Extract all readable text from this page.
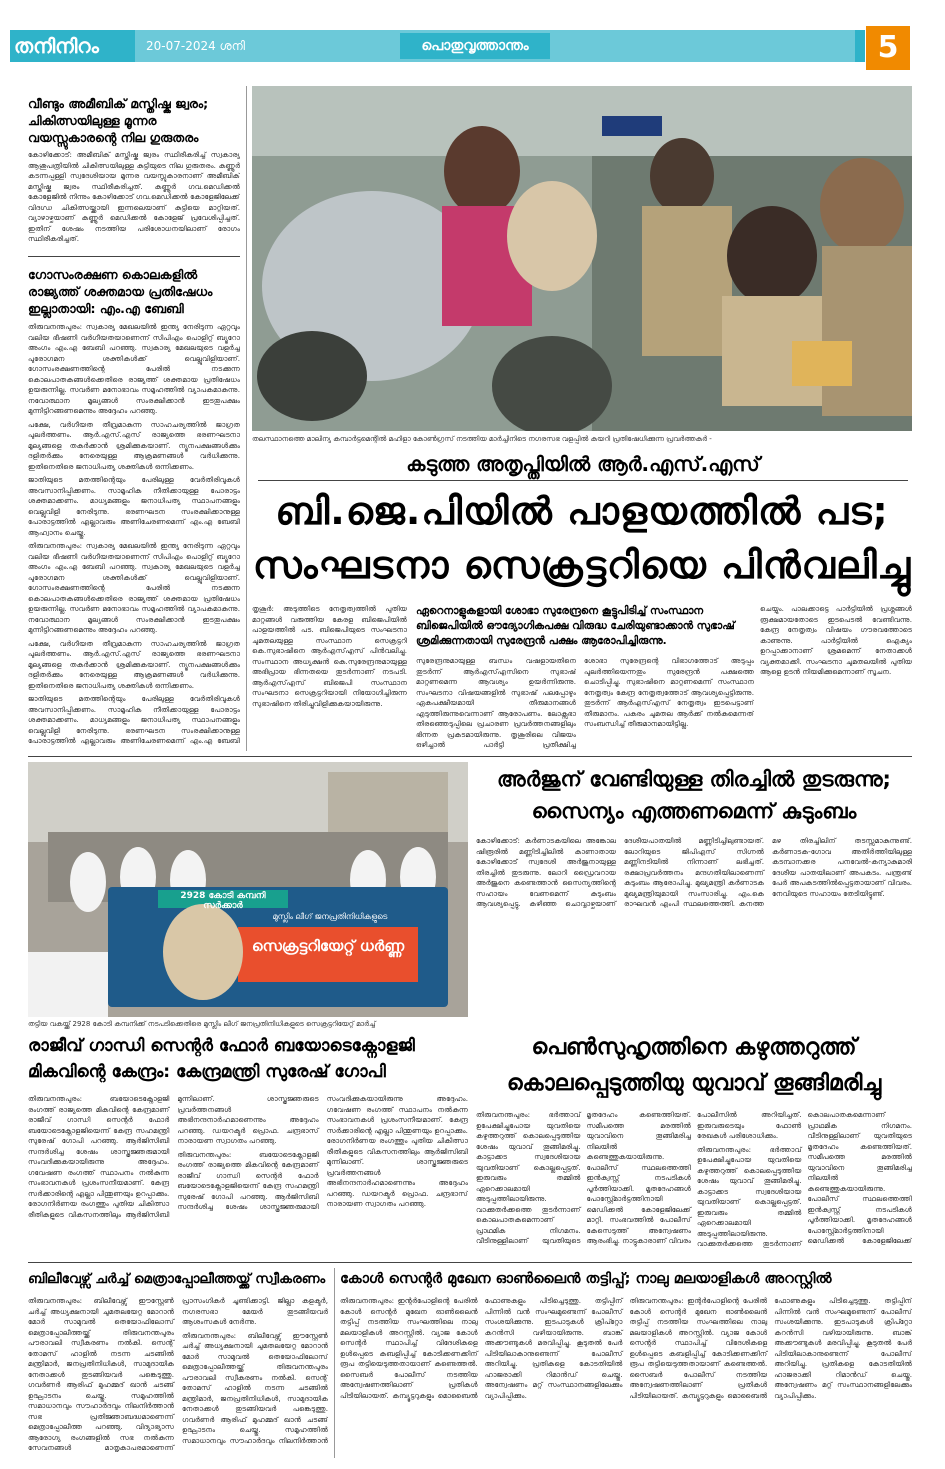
തനിനിറം	20-07-2024 ശനി	പൊതുവൃത്താന്തം	5
വീണ്ടും അമീബിക് മസ്തിഷ്ക ജ്വരം; ചികിത്സയിലുള്ള മൂന്നര വയസ്സുകാരന്റെ നില ഗുരുതരം

കോഴിക്കോട്: അമീബിക് മസ്തിഷ്ക ജ്വരം സ്ഥിരീകരിച്ച് സ്വകാര്യ ആശുപത്രിയിൽ ചികിത്സയിലുള്ള കുട്ടിയുടെ നില ഗുരുതരം. കണ്ണൂർ കടന്നപ്പള്ളി സ്വദേശിയായ മൂന്നര വയസ്സുകാരനാണ് അമീബിക് മസ്തിഷ്ക ജ്വരം സ്ഥിരീകരിച്ചത്. കണ്ണൂർ ഗവ.മെഡിക്കൽ കോളേജിൽ നിന്നും കോഴിക്കോട് ഗവ.മെഡിക്കൽ കോളേജിലേക്ക് വിദഗ്ധ ചികിത്സയ്ക്കായി ഇന്നലെയാണ് കുട്ടിയെ മാറ്റിയത്. വ്യാഴാഴ്ചയാണ് കണ്ണൂർ മെഡിക്കൽ കോളേജ് പ്രവേശിപ്പിച്ചത്. ഇതിന് ശേഷം നടത്തിയ പരിശോധനയിലാണ് രോഗം സ്ഥിരീകരിച്ചത്.

ഗോസംരക്ഷണ കൊലകളിൽ രാജ്യത്ത് ശക്തമായ പ്രതിഷേധം ഇല്ലാതായി: എം.എ ബേബി

തിരുവനന്തപുരം: സ്വകാര്യ മേഖലയിൽ ഇന്ത്യ നേരിടുന്ന ഏറ്റവും വലിയ ഭീഷണി വർഗീയതയാണെന്ന് സിപിഎം പൊളിറ്റ് ബ്യൂറോ അംഗം എം.എ ബേബി പറഞ്ഞു. സ്വകാര്യ മേഖലയുടെ വളർച്ച പുരോഗമന ശക്തികൾക്ക് വെല്ലുവിളിയാണ്. ഗോസംരക്ഷണത്തിന്റെ പേരിൽ നടക്കുന്ന കൊലപാതകങ്ങൾക്കെതിരെ രാജ്യത്ത് ശക്തമായ പ്രതിഷേധം ഉയരുന്നില്ല. സവർണ മനോഭാവം സമൂഹത്തിൽ വ്യാപകമാകുന്നു. നവോത്ഥാന മൂല്യങ്ങൾ സംരക്ഷിക്കാൻ ഇടതുപക്ഷം മുന്നിട്ടിറങ്ങണമെന്നും അദ്ദേഹം പറഞ്ഞു.

പക്ഷേ, വർഗീയത തീവ്രമാകുന്ന സാഹചര്യത്തിൽ ജാഗ്രത പുലർത്തണം. ആർ.എസ്.എസ് രാജ്യത്തെ ഭരണഘടനാ മൂല്യങ്ങളെ തകർക്കാൻ ശ്രമിക്കുകയാണ്. ന്യൂനപക്ഷങ്ങൾക്കും ദളിതർക്കും നേരെയുള്ള ആക്രമണങ്ങൾ വർധിക്കുന്നു. ഇതിനെതിരെ ജനാധിപത്യ ശക്തികൾ ഒന്നിക്കണം.

ജാതിയുടെ മതത്തിന്റെയും പേരിലുള്ള വേർതിരിവുകൾ അവസാനിപ്പിക്കണം. സാമൂഹിക നീതിക്കായുള്ള പോരാട്ടം ശക്തമാക്കണം. മാധ്യമങ്ങളും ജനാധിപത്യ സ്ഥാപനങ്ങളും വെല്ലുവിളി നേരിടുന്നു. ഭരണഘടന സംരക്ഷിക്കാനുള്ള പോരാട്ടത്തിൽ എല്ലാവരും അണിചേരണമെന്ന് എം.എ ബേബി ആഹ്വാനം ചെയ്തു.

തിരുവനന്തപുരം: സ്വകാര്യ മേഖലയിൽ ഇന്ത്യ നേരിടുന്ന ഏറ്റവും വലിയ ഭീഷണി വർഗീയതയാണെന്ന് സിപിഎം പൊളിറ്റ് ബ്യൂറോ അംഗം എം.എ ബേബി പറഞ്ഞു. സ്വകാര്യ മേഖലയുടെ വളർച്ച പുരോഗമന ശക്തികൾക്ക് വെല്ലുവിളിയാണ്. ഗോസംരക്ഷണത്തിന്റെ പേരിൽ നടക്കുന്ന കൊലപാതകങ്ങൾക്കെതിരെ രാജ്യത്ത് ശക്തമായ പ്രതിഷേധം ഉയരുന്നില്ല. സവർണ മനോഭാവം സമൂഹത്തിൽ വ്യാപകമാകുന്നു. നവോത്ഥാന മൂല്യങ്ങൾ സംരക്ഷിക്കാൻ ഇടതുപക്ഷം മുന്നിട്ടിറങ്ങണമെന്നും അദ്ദേഹം പറഞ്ഞു.

പക്ഷേ, വർഗീയത തീവ്രമാകുന്ന സാഹചര്യത്തിൽ ജാഗ്രത പുലർത്തണം. ആർ.എസ്.എസ് രാജ്യത്തെ ഭരണഘടനാ മൂല്യങ്ങളെ തകർക്കാൻ ശ്രമിക്കുകയാണ്. ന്യൂനപക്ഷങ്ങൾക്കും ദളിതർക്കും നേരെയുള്ള ആക്രമണങ്ങൾ വർധിക്കുന്നു. ഇതിനെതിരെ ജനാധിപത്യ ശക്തികൾ ഒന്നിക്കണം.

ജാതിയുടെ മതത്തിന്റെയും പേരിലുള്ള വേർതിരിവുകൾ അവസാനിപ്പിക്കണം. സാമൂഹിക നീതിക്കായുള്ള പോരാട്ടം ശക്തമാക്കണം. മാധ്യമങ്ങളും ജനാധിപത്യ സ്ഥാപനങ്ങളും വെല്ലുവിളി നേരിടുന്നു. ഭരണഘടന സംരക്ഷിക്കാനുള്ള പോരാട്ടത്തിൽ എല്ലാവരും അണിചേരണമെന്ന് എം.എ ബേബി

തലസ്ഥാനത്തെ മാലിന്യ കമ്പാർട്ടമെന്റിൽ മഹിളാ കോൺഗ്രസ് നടത്തിയ മാർച്ചിനിടെ നഗരസഭ വളപ്പിൽ കയറി പ്രതിഷേധിക്കുന്ന പ്രവർത്തകർ -
കടുത്ത അതൃപ്തിയിൽ ആർ.എസ്.എസ്
ബി.ജെ.പിയിൽ പാളയത്തിൽ പട;
സംഘടനാ സെക്രട്ടറിയെ പിൻവലിച്ചു

തൃശൂർ: അടുത്തിടെ നേതൃത്വത്തിൽ പുതിയ മാറ്റങ്ങൾ വരുത്തിയ കേരള ബിജെപിയിൽ പാളയത്തിൽ പട. ബിജെപിയുടെ സംഘടനാ ചുമതലയുള്ള സംസ്ഥാന സെക്രട്ടറി കെ.സുഭാഷിനെ ആർഎസ്എസ് പിൻവലിച്ചു. സംസ്ഥാന അധ്യക്ഷൻ കെ.സുരേന്ദ്രനുമായുള്ള അഭിപ്രായ ഭിന്നതയെ തുടർന്നാണ് നടപടി. ആർഎസ്എസ് ബിജെപി സംസ്ഥാന സംഘടനാ സെക്രട്ടറിയായി നിയോഗിച്ചിരുന്ന സുഭാഷിനെ തിരിച്ചുവിളിക്കുകയായിരുന്നു.

ഏറെനാളുകളായി ശോഭാ സുരേന്ദ്രനെ കൂട്ടുപിടിച്ച് സംസ്ഥാന ബിജെപിയിൽ ഔദ്യോഗികപക്ഷ വിരുദ്ധ ചേരിയുണ്ടാക്കാൻ സുഭാഷ് ശ്രമിക്കുന്നതായി സുരേന്ദ്രൻ പക്ഷം ആരോപിച്ചിരുന്നു.

സുരേന്ദ്രനുമായുള്ള ബന്ധം വഷളായതിനെ തുടർന്ന് ആർഎസ്എസിനെ സുഭാഷ് മാറ്റണമെന്ന ആവശ്യം ഉയർന്നിരുന്നു. സംഘടനാ വിഷയങ്ങളിൽ സുഭാഷ് പലപ്പോഴും ഏകപക്ഷീയമായി തീരുമാനങ്ങൾ എടുത്തിരുന്നുവെന്നാണ് ആരോപണം. ലോക്സഭാ തിരഞ്ഞെടുപ്പിലെ പ്രചാരണ പ്രവർത്തനങ്ങളിലും ഭിന്നത പ്രകടമായിരുന്നു. തൃശൂരിലെ വിജയം ഒഴിച്ചാൽ പാർട്ടി പ്രതീക്ഷിച്ച

ശോഭാ സുരേന്ദ്രന്റെ വിഭാഗത്തോട് അടുപ്പം പുലർത്തിയെന്നതും സുരേന്ദ്രൻ പക്ഷത്തെ ചൊടിപ്പിച്ചു. സുഭാഷിനെ മാറ്റണമെന്ന് സംസ്ഥാന നേതൃത്വം കേന്ദ്ര നേതൃത്വത്തോട് ആവശ്യപ്പെട്ടിരുന്നു. തുടർന്ന് ആർഎസ്എസ് നേതൃത്വം ഇടപെട്ടാണ് തീരുമാനം. പകരം ചുമതല ആർക്ക് നൽകുമെന്നത് സംബന്ധിച്ച് തീരുമാനമായിട്ടില്ല.

ചെയ്യും. പാലക്കാട്ടെ പാർട്ടിയിൽ പ്രശ്നങ്ങൾ രൂക്ഷമായതോടെ ഇടപെടൽ വേണ്ടിവന്നു. കേന്ദ്ര നേതൃത്വം വിഷയം ഗൗരവത്തോടെ കാണുന്നു. പാർട്ടിയിൽ ഐക്യം ഉറപ്പാക്കാനാണ് ശ്രമമെന്ന് നേതാക്കൾ വ്യക്തമാക്കി. സംഘടനാ ചുമതലയിൽ പുതിയ ആളെ ഉടൻ നിയമിക്കുമെന്നാണ് സൂചന.

2928 കോടി കമ്പനി സർക്കാർ
മുസ്ലിം ലീഗ് ജനപ്രതിനിധികളുടെ
സെക്രട്ടറിയേറ്റ് ധർണ്ണ
തട്ടിയ വകയ്ക്ക് 2928 കോടി കമ്പനിക്ക് നടപടിക്കെതിരെ മുസ്ലിം ലീഗ് ജനപ്രതിനിധികളുടെ സെക്രട്ടറിയേറ്റ് മാർച്ച്
അർജുന് വേണ്ടിയുള്ള തിരച്ചിൽ തുടരുന്നു;
സൈന്യം എത്തണമെന്ന് കുടുംബം

കോഴിക്കോട്: കർണാടകയിലെ അങ്കോല ഷിരൂരിൽ മണ്ണിടിച്ചിലിൽ കാണാതായ കോഴിക്കോട് സ്വദേശി അർജുനായുള്ള തിരച്ചിൽ തുടരുന്നു. ലോറി ഡ്രൈവറായ അർജുനെ കണ്ടെത്താൻ സൈന്യത്തിന്റെ സഹായം വേണമെന്ന് കുടുംബം ആവശ്യപ്പെട്ടു. കഴിഞ്ഞ ചൊവ്വാഴ്ചയാണ് ദേശീയപാതയിൽ മണ്ണിടിച്ചിലുണ്ടായത്. ലോറിയുടെ ജിപിഎസ് സിഗ്നൽ മണ്ണിനടിയിൽ നിന്നാണ് ലഭിച്ചത്. രക്ഷാപ്രവർത്തനം മന്ദഗതിയിലാണെന്ന് കുടുംബം ആരോപിച്ചു. മുഖ്യമന്ത്രി കർണാടക മുഖ്യമന്ത്രിയുമായി സംസാരിച്ചു. എം.കെ രാഘവൻ എംപി സ്ഥലത്തെത്തി. കനത്ത മഴ തിരച്ചിലിന് തടസ്സമാകുന്നുണ്ട്. കർണാടക-ഗോവ അതിർത്തിയിലുള്ള കടമ്പാനക്കര പനവേൽ-കന്യാകുമാരി ദേശീയ പാതയിലാണ് അപകടം. പന്ത്രണ്ട് പേർ അപകടത്തിൽപ്പെട്ടതായാണ് വിവരം. നേവിയുടെ സഹായം തേടിയിട്ടുണ്ട്.

രാജീവ് ഗാന്ധി സെന്റർ ഫോർ ബയോടെക്നോളജി
മികവിന്റെ കേന്ദ്രം: കേന്ദ്രമന്ത്രി സുരേഷ് ഗോപി

തിരുവനന്തപുരം: ബയോടെക്നോളജി രംഗത്ത് രാജ്യത്തെ മികവിന്റെ കേന്ദ്രമാണ് രാജീവ് ഗാന്ധി സെന്റർ ഫോർ ബയോടെക്നോളജിയെന്ന് കേന്ദ്ര സഹമന്ത്രി സുരേഷ് ഗോപി പറഞ്ഞു. ആർജിസിബി സന്ദർശിച്ച ശേഷം ശാസ്ത്രജ്ഞരുമായി സംവദിക്കുകയായിരുന്നു അദ്ദേഹം. ഗവേഷണ രംഗത്ത് സ്ഥാപനം നൽകുന്ന സംഭാവനകൾ പ്രശംസനീയമാണ്. കേന്ദ്ര സർക്കാരിന്റെ എല്ലാ പിന്തുണയും ഉറപ്പാക്കും. രോഗനിർണയ രംഗത്തും പുതിയ ചികിത്സാ രീതികളുടെ വികസനത്തിലും ആർജിസിബി മുന്നിലാണ്. ശാസ്ത്രജ്ഞരുടെ പ്രവർത്തനങ്ങൾ അഭിനന്ദനാർഹമാണെന്നും അദ്ദേഹം പറഞ്ഞു. ഡയറക്ടർ പ്രൊഫ. ചന്ദ്രഭാസ് നാരായണ സ്വാഗതം പറഞ്ഞു.

തിരുവനന്തപുരം: ബയോടെക്നോളജി രംഗത്ത് രാജ്യത്തെ മികവിന്റെ കേന്ദ്രമാണ് രാജീവ് ഗാന്ധി സെന്റർ ഫോർ ബയോടെക്നോളജിയെന്ന് കേന്ദ്ര സഹമന്ത്രി സുരേഷ് ഗോപി പറഞ്ഞു. ആർജിസിബി സന്ദർശിച്ച ശേഷം ശാസ്ത്രജ്ഞരുമായി സംവദിക്കുകയായിരുന്നു അദ്ദേഹം. ഗവേഷണ രംഗത്ത് സ്ഥാപനം നൽകുന്ന സംഭാവനകൾ പ്രശംസനീയമാണ്. കേന്ദ്ര സർക്കാരിന്റെ എല്ലാ പിന്തുണയും ഉറപ്പാക്കും. രോഗനിർണയ രംഗത്തും പുതിയ ചികിത്സാ രീതികളുടെ വികസനത്തിലും ആർജിസിബി മുന്നിലാണ്. ശാസ്ത്രജ്ഞരുടെ പ്രവർത്തനങ്ങൾ അഭിനന്ദനാർഹമാണെന്നും അദ്ദേഹം പറഞ്ഞു. ഡയറക്ടർ പ്രൊഫ. ചന്ദ്രഭാസ് നാരായണ സ്വാഗതം പറഞ്ഞു.

പെൺസുഹൃത്തിനെ കഴുത്തറുത്ത്
കൊലപ്പെടുത്തിയു യുവാവ് തൂങ്ങിമരിച്ചു

തിരുവനന്തപുരം: ഭർത്താവ് ഉപേക്ഷിച്ചുപോയ യുവതിയെ കഴുത്തറുത്ത് കൊലപ്പെടുത്തിയ ശേഷം യുവാവ് തൂങ്ങിമരിച്ചു. കാട്ടാക്കട സ്വദേശിയായ യുവതിയാണ് കൊല്ലപ്പെട്ടത്. ഇരുവരും തമ്മിൽ ഏറെക്കാലമായി അടുപ്പത്തിലായിരുന്നു. വാക്കുതർക്കത്തെ തുടർന്നാണ് കൊലപാതകമെന്നാണ് പ്രാഥമിക നിഗമനം. വീടിനുള്ളിലാണ് യുവതിയുടെ മൃതദേഹം കണ്ടെത്തിയത്. സമീപത്തെ മരത്തിൽ യുവാവിനെ തൂങ്ങിമരിച്ച നിലയിൽ കണ്ടെത്തുകയായിരുന്നു. പോലീസ് സ്ഥലത്തെത്തി ഇൻക്വസ്റ്റ് നടപടികൾ പൂർത്തിയാക്കി. മൃതദേഹങ്ങൾ പോസ്റ്റ്മോർട്ടത്തിനായി മെഡിക്കൽ കോളേജിലേക്ക് മാറ്റി. സംഭവത്തിൽ പോലീസ് കേസെടുത്ത് അന്വേഷണം ആരംഭിച്ചു. നാട്ടുകാരാണ് വിവരം പോലീസിൽ അറിയിച്ചത്. ഇരുവരുടെയും ഫോൺ രേഖകൾ പരിശോധിക്കും.

തിരുവനന്തപുരം: ഭർത്താവ് ഉപേക്ഷിച്ചുപോയ യുവതിയെ കഴുത്തറുത്ത് കൊലപ്പെടുത്തിയ ശേഷം യുവാവ് തൂങ്ങിമരിച്ചു. കാട്ടാക്കട സ്വദേശിയായ യുവതിയാണ് കൊല്ലപ്പെട്ടത്. ഇരുവരും തമ്മിൽ ഏറെക്കാലമായി അടുപ്പത്തിലായിരുന്നു. വാക്കുതർക്കത്തെ തുടർന്നാണ് കൊലപാതകമെന്നാണ് പ്രാഥമിക നിഗമനം. വീടിനുള്ളിലാണ് യുവതിയുടെ മൃതദേഹം കണ്ടെത്തിയത്. സമീപത്തെ മരത്തിൽ യുവാവിനെ തൂങ്ങിമരിച്ച നിലയിൽ കണ്ടെത്തുകയായിരുന്നു. പോലീസ് സ്ഥലത്തെത്തി ഇൻക്വസ്റ്റ് നടപടികൾ പൂർത്തിയാക്കി. മൃതദേഹങ്ങൾ പോസ്റ്റ്മോർട്ടത്തിനായി മെഡിക്കൽ കോളേജിലേക്ക്

ബിലീവേഴ്സ് ചർച്ച് മെത്രാപ്പോലീത്തയ്ക്ക് സ്വീകരണം

തിരുവനന്തപുരം: ബിലീവേഴ്സ് ഈസ്റ്റേൺ ചർച്ച് അധ്യക്ഷനായി ചുമതലയേറ്റ മോറാൻ മോർ സാമുവൽ തെയോഫിലോസ് മെത്രാപ്പോലീത്തയ്ക്ക് തിരുവനന്തപുരം പൗരാവലി സ്വീകരണം നൽകി. സെന്റ് തോമസ് ഹാളിൽ നടന്ന ചടങ്ങിൽ മന്ത്രിമാർ, ജനപ്രതിനിധികൾ, സാമുദായിക നേതാക്കൾ തുടങ്ങിയവർ പങ്കെടുത്തു. ഗവർണർ ആരിഫ് മുഹമ്മദ് ഖാൻ ചടങ്ങ് ഉദ്ഘാടനം ചെയ്തു. സമൂഹത്തിൽ സമാധാനവും സൗഹാർദവും നിലനിർത്താൻ സഭ പ്രതിജ്ഞാബദ്ധമാണെന്ന് മെത്രാപ്പോലീത്ത പറഞ്ഞു. വിദ്യാഭ്യാസ ആരോഗ്യ രംഗങ്ങളിൽ സഭ നൽകുന്ന സേവനങ്ങൾ മാതൃകാപരമാണെന്ന് പ്രാസംഗികർ ചൂണ്ടിക്കാട്ടി. ജില്ലാ കളക്ടർ, നഗരസഭാ മേയർ തുടങ്ങിയവർ ആശംസകൾ നേർന്നു.

തിരുവനന്തപുരം: ബിലീവേഴ്സ് ഈസ്റ്റേൺ ചർച്ച് അധ്യക്ഷനായി ചുമതലയേറ്റ മോറാൻ മോർ സാമുവൽ തെയോഫിലോസ് മെത്രാപ്പോലീത്തയ്ക്ക് തിരുവനന്തപുരം പൗരാവലി സ്വീകരണം നൽകി. സെന്റ് തോമസ് ഹാളിൽ നടന്ന ചടങ്ങിൽ മന്ത്രിമാർ, ജനപ്രതിനിധികൾ, സാമുദായിക നേതാക്കൾ തുടങ്ങിയവർ പങ്കെടുത്തു. ഗവർണർ ആരിഫ് മുഹമ്മദ് ഖാൻ ചടങ്ങ് ഉദ്ഘാടനം ചെയ്തു. സമൂഹത്തിൽ സമാധാനവും സൗഹാർദവും നിലനിർത്താൻ

കോൾ സെന്റർ മുഖേന ഓൺലൈൻ തട്ടിപ്പ്; നാലു മലയാളികൾ അറസ്റ്റിൽ

തിരുവനന്തപുരം: ഇന്റർപോളിന്റെ പേരിൽ കോൾ സെന്റർ മുഖേന ഓൺലൈൻ തട്ടിപ്പ് നടത്തിയ സംഘത്തിലെ നാലു മലയാളികൾ അറസ്റ്റിൽ. വ്യാജ കോൾ സെന്റർ സ്ഥാപിച്ച് വിദേശികളെ ഉൾപ്പെടെ കബളിപ്പിച്ച് കോടിക്കണക്കിന് രൂപ തട്ടിയെടുത്തതായാണ് കണ്ടെത്തൽ. സൈബർ പോലീസ് നടത്തിയ അന്വേഷണത്തിലാണ് പ്രതികൾ പിടിയിലായത്. കമ്പ്യൂട്ടറുകളും മൊബൈൽ ഫോണുകളും പിടിച്ചെടുത്തു. തട്ടിപ്പിന് പിന്നിൽ വൻ സംഘമുണ്ടെന്ന് പോലീസ് സംശയിക്കുന്നു. ഇടപാടുകൾ ക്രിപ്റ്റോ കറൻസി വഴിയായിരുന്നു. ബാങ്ക് അക്കൗണ്ടുകൾ മരവിപ്പിച്ചു. കൂടുതൽ പേർ പിടിയിലാകാനുണ്ടെന്ന് പോലീസ് അറിയിച്ചു. പ്രതികളെ കോടതിയിൽ ഹാജരാക്കി റിമാൻഡ് ചെയ്തു. അന്വേഷണം മറ്റ് സംസ്ഥാനങ്ങളിലേക്കും വ്യാപിപ്പിക്കും.

തിരുവനന്തപുരം: ഇന്റർപോളിന്റെ പേരിൽ കോൾ സെന്റർ മുഖേന ഓൺലൈൻ തട്ടിപ്പ് നടത്തിയ സംഘത്തിലെ നാലു മലയാളികൾ അറസ്റ്റിൽ. വ്യാജ കോൾ സെന്റർ സ്ഥാപിച്ച് വിദേശികളെ ഉൾപ്പെടെ കബളിപ്പിച്ച് കോടിക്കണക്കിന് രൂപ തട്ടിയെടുത്തതായാണ് കണ്ടെത്തൽ. സൈബർ പോലീസ് നടത്തിയ അന്വേഷണത്തിലാണ് പ്രതികൾ പിടിയിലായത്. കമ്പ്യൂട്ടറുകളും മൊബൈൽ ഫോണുകളും പിടിച്ചെടുത്തു. തട്ടിപ്പിന് പിന്നിൽ വൻ സംഘമുണ്ടെന്ന് പോലീസ് സംശയിക്കുന്നു. ഇടപാടുകൾ ക്രിപ്റ്റോ കറൻസി വഴിയായിരുന്നു. ബാങ്ക് അക്കൗണ്ടുകൾ മരവിപ്പിച്ചു. കൂടുതൽ പേർ പിടിയിലാകാനുണ്ടെന്ന് പോലീസ് അറിയിച്ചു. പ്രതികളെ കോടതിയിൽ ഹാജരാക്കി റിമാൻഡ് ചെയ്തു. അന്വേഷണം മറ്റ് സംസ്ഥാനങ്ങളിലേക്കും വ്യാപിപ്പിക്കും.
